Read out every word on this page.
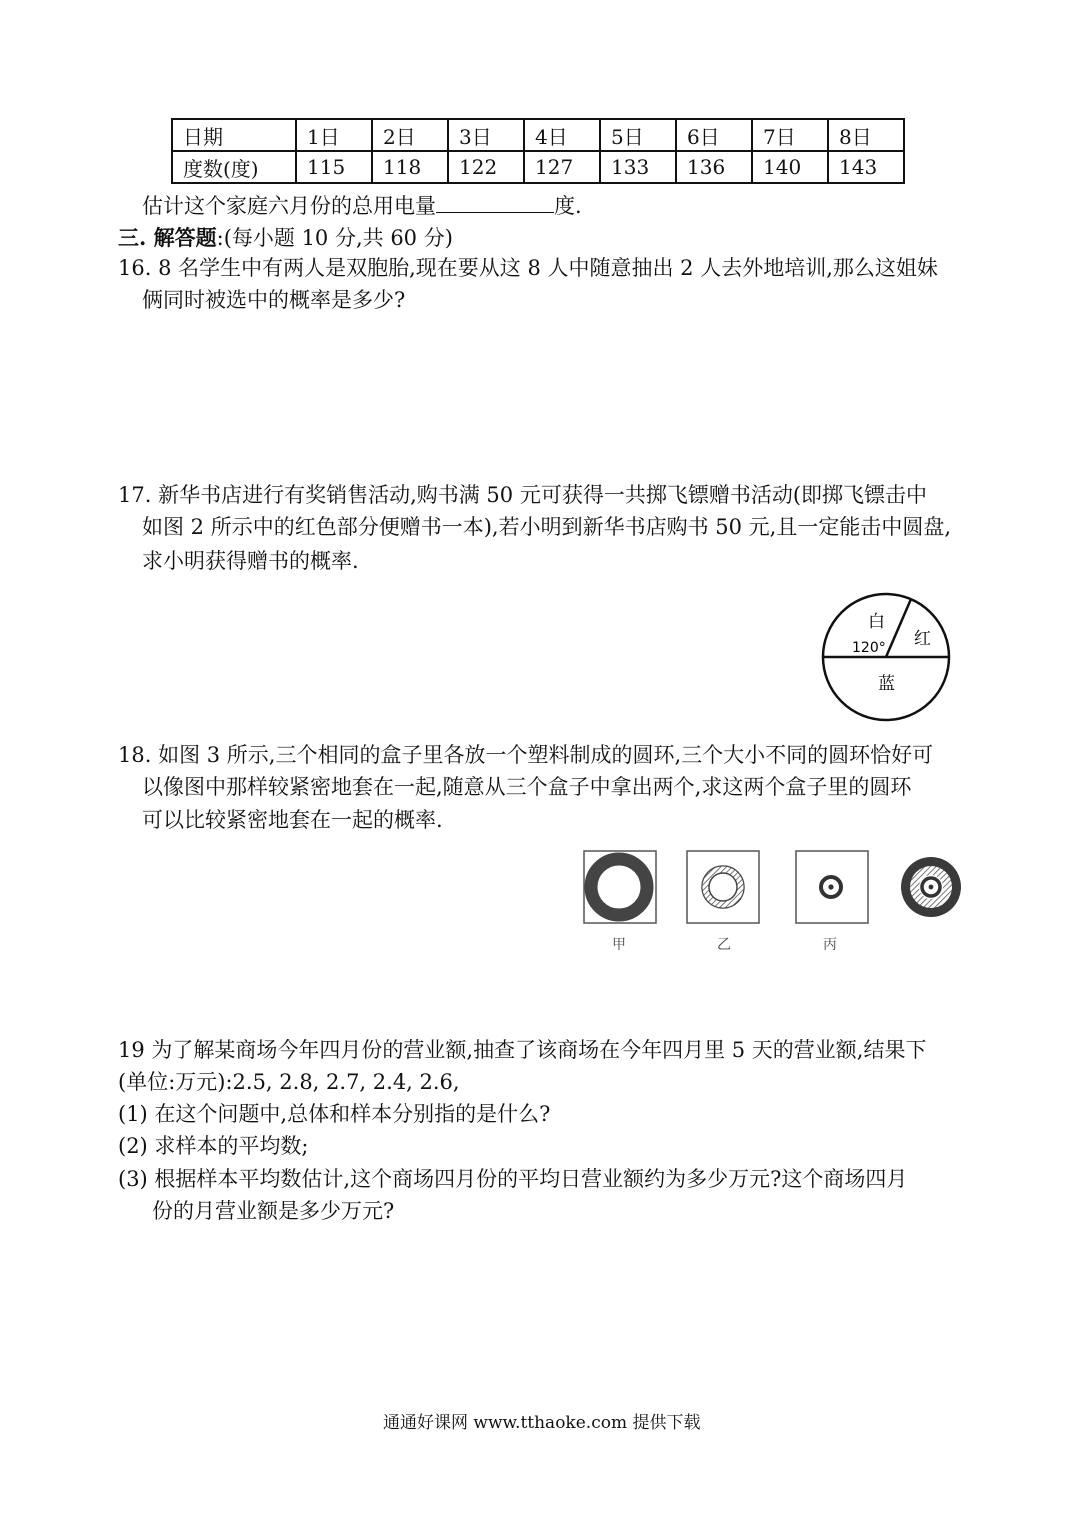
日期	1日	2日	3日	4日	5日	6日	7日	8日
度数(度)	115	118	122	127	133	136	140	143
估计这个家庭六月份的总用电量	度.
三. 解答题:(每小题 10 分,共 60 分)
16. 8 名学生中有两人是双胞胎,现在要从这 8 人中随意抽出 2 人去外地培训,那么这姐妹
俩同时被选中的概率是多少?
17. 新华书店进行有奖销售活动,购书满 50 元可获得一共掷飞镖赠书活动(即掷飞镖击中
如图 2 所示中的红色部分便赠书一本),若小明到新华书店购书 50 元,且一定能击中圆盘,
求小明获得赠书的概率.
白
红
120°
蓝
18. 如图 3 所示,三个相同的盒子里各放一个塑料制成的圆环,三个大小不同的圆环恰好可
以像图中那样较紧密地套在一起,随意从三个盒子中拿出两个,求这两个盒子里的圆环
可以比较紧密地套在一起的概率.
甲	乙	丙
19 为了解某商场今年四月份的营业额,抽查了该商场在今年四月里 5 天的营业额,结果下
(单位:万元):2.5, 2.8, 2.7, 2.4, 2.6,
(1) 在这个问题中,总体和样本分别指的是什么?
(2) 求样本的平均数;
(3) 根据样本平均数估计,这个商场四月份的平均日营业额约为多少万元?这个商场四月
份的月营业额是多少万元?
通通好课网 www.tthaoke.com 提供下载
